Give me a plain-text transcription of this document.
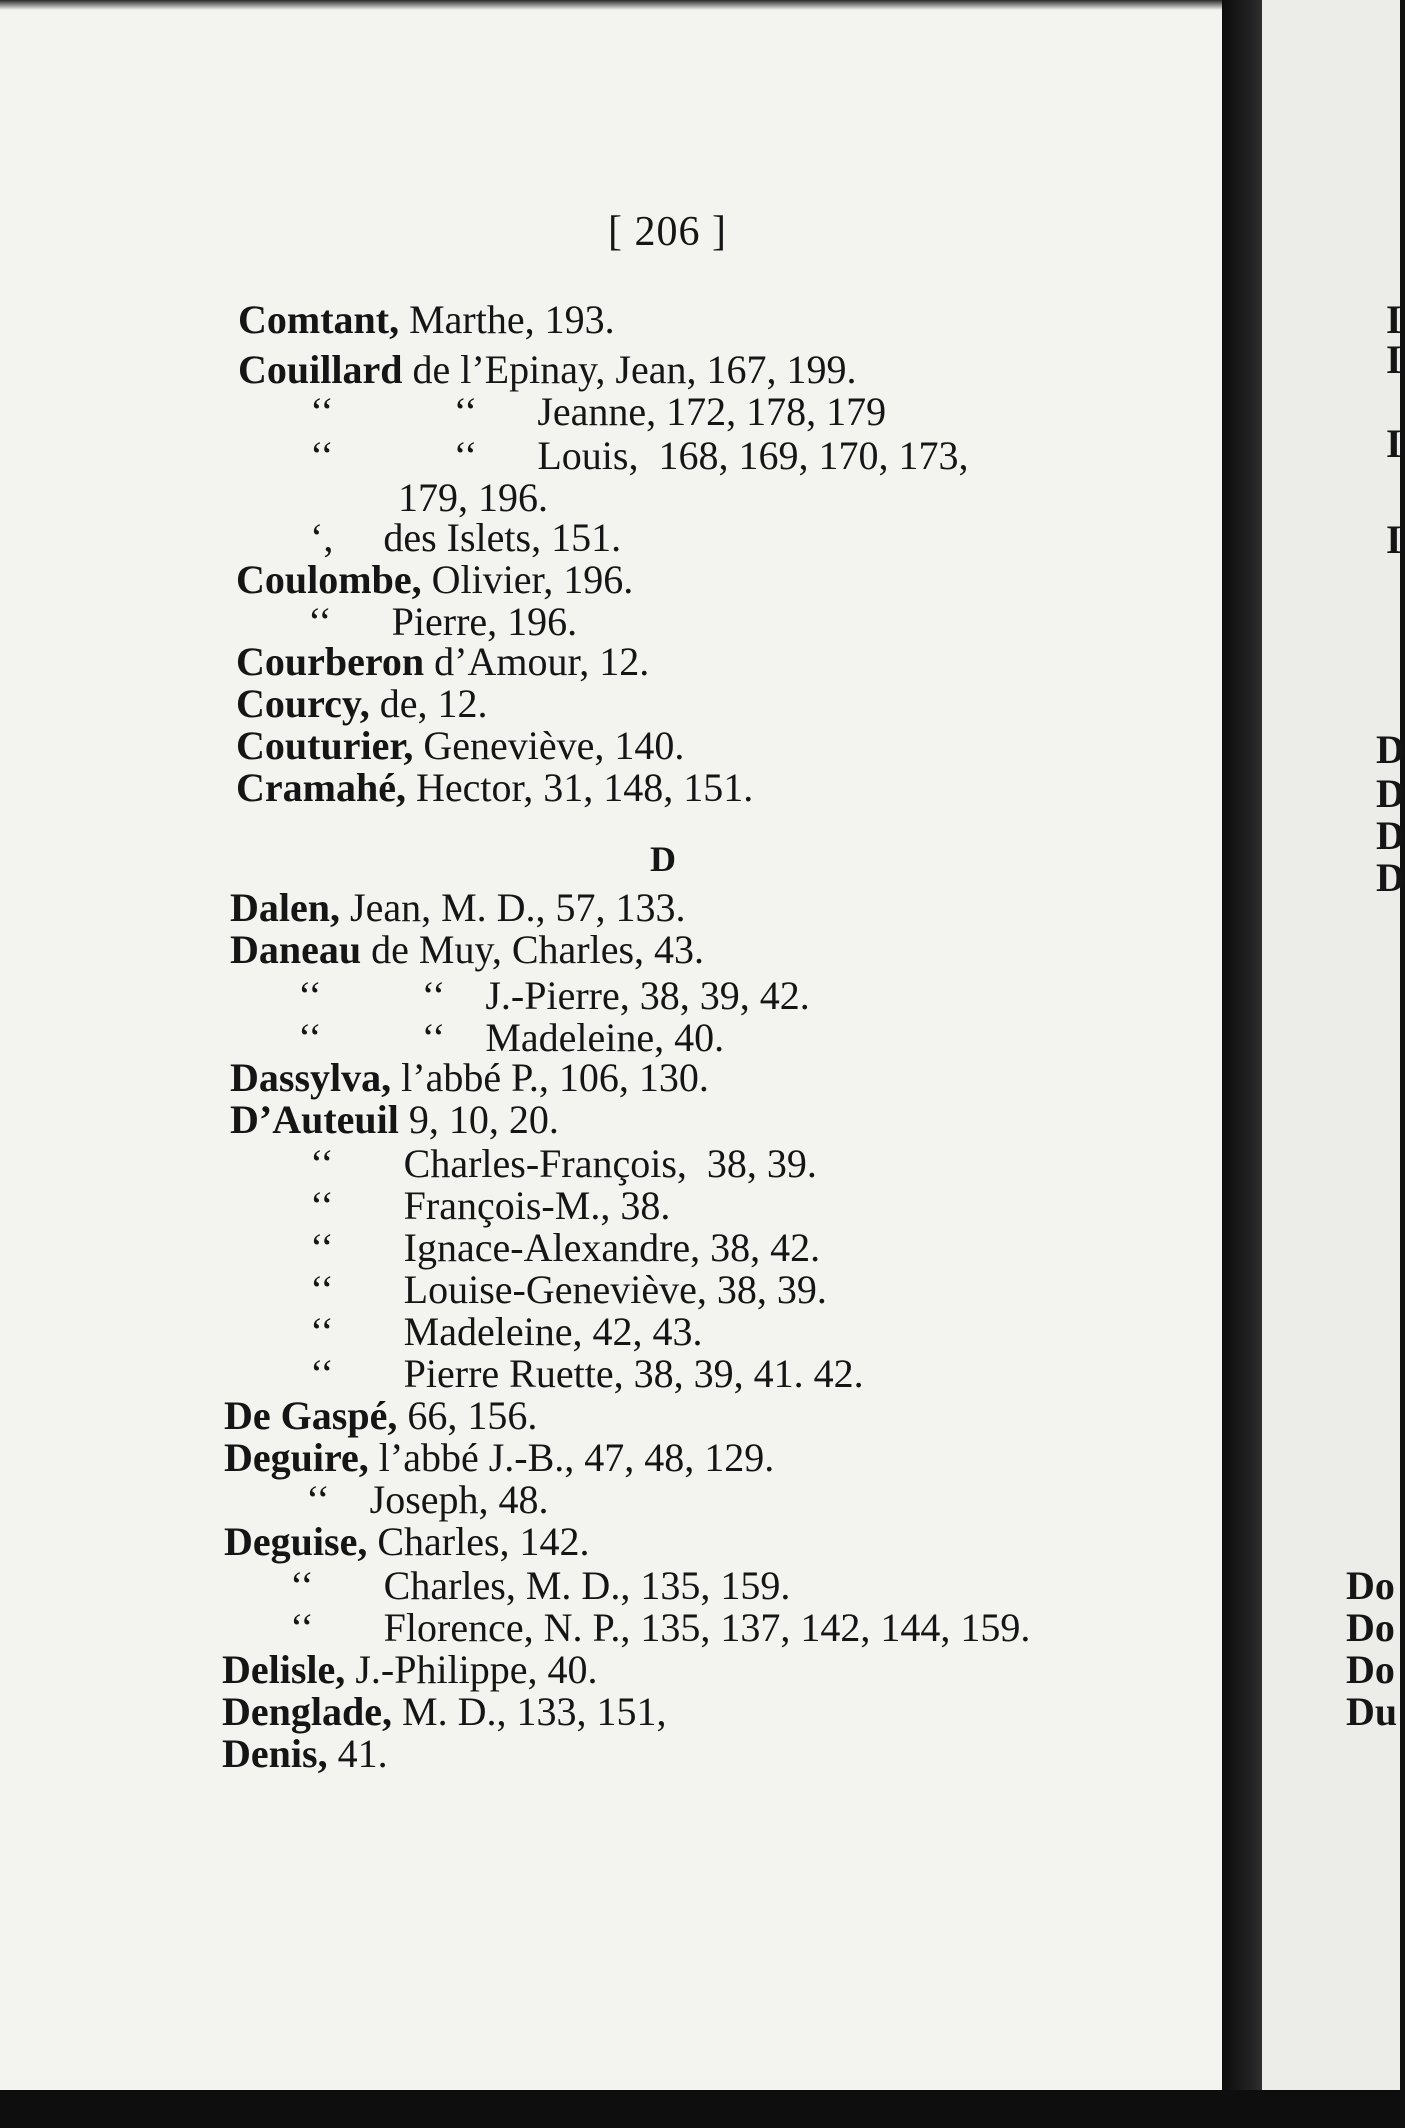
[ 206 ]
D
Comtant, Marthe, 193.
Couillard de l’Epinay, Jean, 167, 199.
‘‘            ‘‘      Jeanne, 172, 178, 179
‘‘            ‘‘      Louis,  168, 169, 170, 173,
179, 196.
‘,     des Islets, 151.
Coulombe, Olivier, 196.
‘‘      Pierre, 196.
Courberon d’Amour, 12.
Courcy, de, 12.
Couturier, Geneviève, 140.
Cramahé, Hector, 31, 148, 151.
Dalen, Jean, M. D., 57, 133.
Daneau de Muy, Charles, 43.
‘‘          ‘‘    J.-Pierre, 38, 39, 42.
‘‘          ‘‘    Madeleine, 40.
Dassylva, l’abbé P., 106, 130.
D’Auteuil 9, 10, 20.
‘‘       Charles-François,  38, 39.
‘‘       François-M., 38.
‘‘       Ignace-Alexandre, 38, 42.
‘‘       Louise-Geneviève, 38, 39.
‘‘       Madeleine, 42, 43.
‘‘       Pierre Ruette, 38, 39, 41. 42.
De Gaspé, 66, 156.
Deguire, l’abbé J.-B., 47, 48, 129.
‘‘    Joseph, 48.
Deguise, Charles, 142.
‘‘       Charles, M. D., 135, 159.
‘‘       Florence, N. P., 135, 137, 142, 144, 159.
Delisle, J.-Philippe, 40.
Denglade, M. D., 133, 151,
Denis, 41.
I
I
I
I
D
D
D
D
Do
Do
Do
Du
